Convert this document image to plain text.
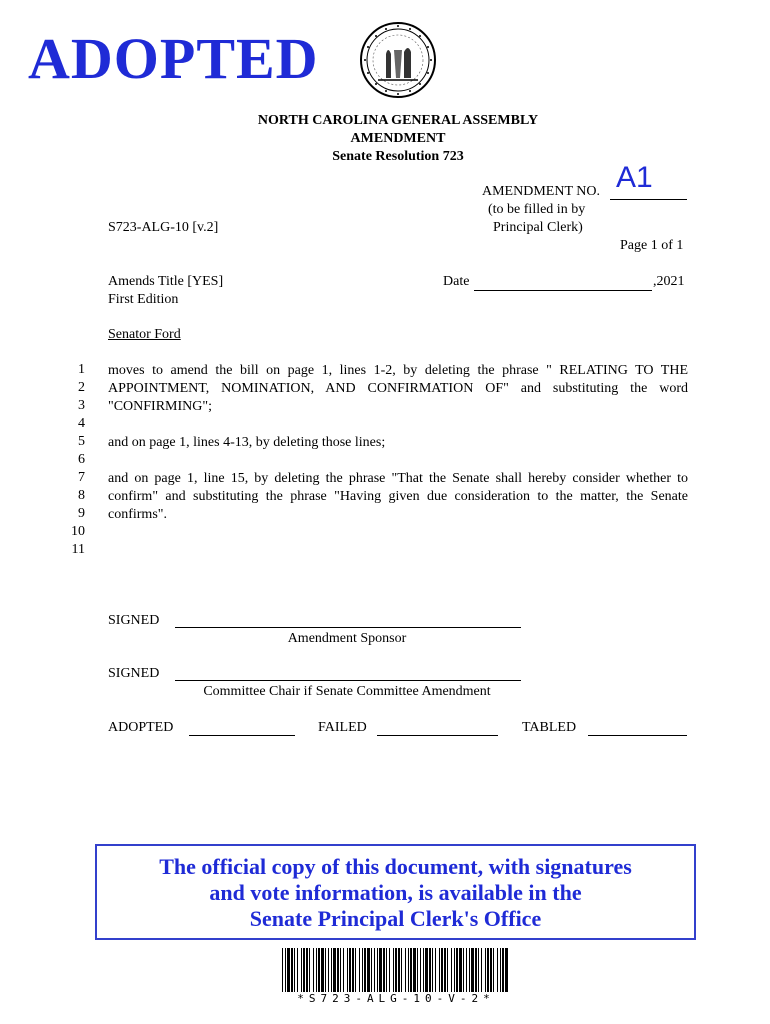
ADOPTED
NORTH CAROLINA GENERAL ASSEMBLY
AMENDMENT
Senate Resolution 723
AMENDMENT NO. A1
(to be filled in by
Principal Clerk)
S723-ALG-10 [v.2]
Page 1 of 1
Amends Title [YES]
First Edition
Date	,2021
Senator Ford
1
2
3
4
5
6
7
8
9
10
11
moves to amend the bill on page 1, lines 1-2, by deleting the phrase " RELATING TO THE
APPOINTMENT, NOMINATION, AND CONFIRMATION OF" and substituting the word
"CONFIRMING";
and on page 1, lines 4-13, by deleting those lines;
and on page 1, line 15, by deleting the phrase "That the Senate shall hereby consider whether to
confirm" and substituting the phrase "Having given due consideration to the matter, the Senate
confirms".
SIGNED
Amendment Sponsor
SIGNED
Committee Chair if Senate Committee Amendment
ADOPTED	FAILED	TABLED
The official copy of this document, with signatures
and vote information, is available in the
Senate Principal Clerk's Office
*S723-ALG-10-V-2*
